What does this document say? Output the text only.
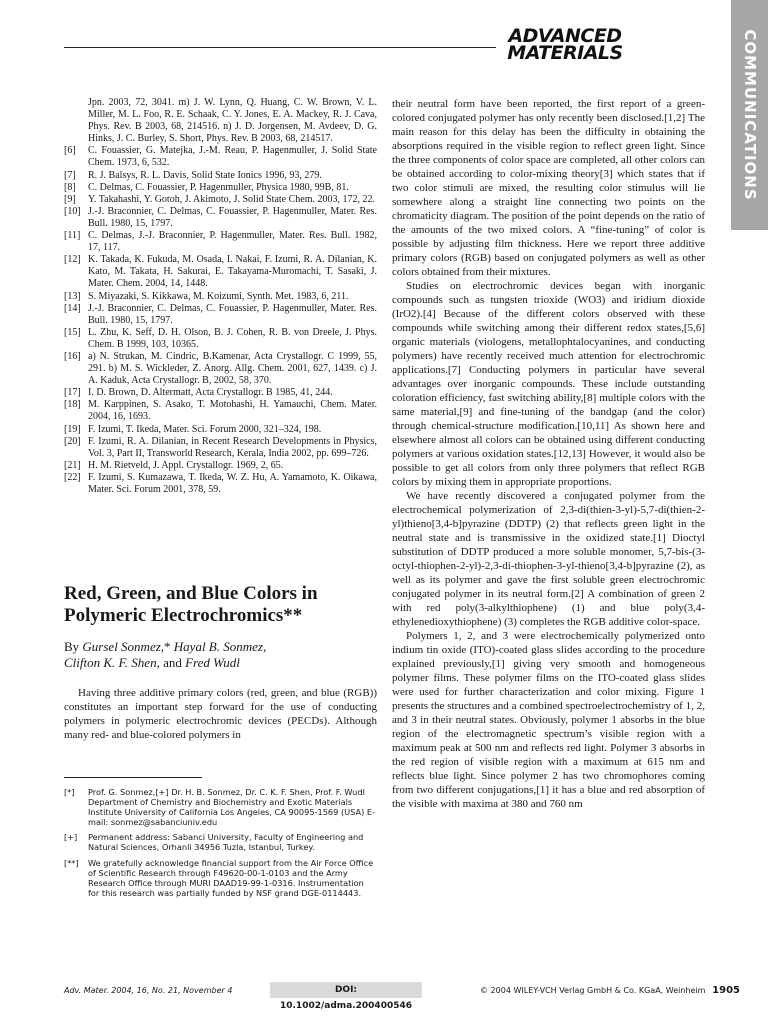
ADVANCED
MATERIALS	COMMUNICATIONS
Jpn. 2003, 72, 3041. m) J. W. Lynn, Q. Huang, C. W. Brown, V. L. Miller, M. L. Foo, R. E. Schaak, C. Y. Jones, E. A. Mackey, R. J. Cava, Phys. Rev. B 2003, 68, 214516. n) J. D. Jorgensen, M. Avdeev, D. G. Hinks, J. C. Burley, S. Short, Phys. Rev. B 2003, 68, 214517.
[6]	C. Fouassier, G. Matejka, J.-M. Reau, P. Hagenmuller, J. Solid State Chem. 1973, 6, 532.
[7]	R. J. Balsys, R. L. Davis, Solid State Ionics 1996, 93, 279.
[8]	C. Delmas, C. Fouassier, P. Hagenmuller, Physica 1980, 99B, 81.
[9]	Y. Takahashi, Y. Gotoh, J. Akimoto, J. Solid State Chem. 2003, 172, 22.
[10] J.-J. Braconnier, C. Delmas, C. Fouassier, P. Hagenmuller, Mater. Res. Bull. 1980, 15, 1797.
[11] C. Delmas, J.-J. Braconnier, P. Hagenmuller, Mater. Res. Bull. 1982, 17, 117.
[12] K. Takada, K. Fukuda, M. Osada, I. Nakai, F. Izumi, R. A. Dilanian, K. Kato, M. Takata, H. Sakurai, E. Takayama-Muromachi, T. Sasaki, J. Mater. Chem. 2004, 14, 1448.
[13] S. Miyazaki, S. Kikkawa, M. Koizumi, Synth. Met. 1983, 6, 211.
[14] J.-J. Braconnier, C. Delmas, C. Fouassier, P. Hagenmuller, Mater. Res. Bull. 1980, 15, 1797.
[15] L. Zhu, K. Seff, D. H. Olson, B. J. Cohen, R. B. von Dreele, J. Phys. Chem. B 1999, 103, 10365.
[16] a) N. Strukan, M. Cindric, B.Kamenar, Acta Crystallogr. C 1999, 55, 291. b) M. S. Wickleder, Z. Anorg. Allg. Chem. 2001, 627, 1439. c) J. A. Kaduk, Acta Crystallogr. B, 2002, 58, 370.
[17] I. D. Brown, D. Altermatt, Acta Crystallogr. B 1985, 41, 244.
[18] M. Karppinen, S. Asako, T. Motohashi, H. Yamauchi, Chem. Mater. 2004, 16, 1693.
[19] F. Izumi, T. Ikeda, Mater. Sci. Forum 2000, 321–324, 198.
[20] F. Izumi, R. A. Dilanian, in Recent Research Developments in Physics, Vol. 3, Part II, Transworld Research, Kerala, India 2002, pp. 699–726.
[21] H. M. Rietveld, J. Appl. Crystallogr. 1969, 2, 65.
[22] F. Izumi, S. Kumazawa, T. Ikeda, W. Z. Hu, A. Yamamoto, K. Oikawa, Mater. Sci. Forum 2001, 378, 59.
Red, Green, and Blue Colors in Polymeric Electrochromics**
By Gursel Sonmez,* Hayal B. Sonmez,
Clifton K. F. Shen, and Fred Wudl

Having three additive primary colors (red, green, and blue (RGB)) constitutes an important step forward for the use of conducting polymers in polymeric electrochromic devices (PECDs). Although many red- and blue-colored polymers in

[*]	Prof. G. Sonmez,[+] Dr. H. B. Sonmez, Dr. C. K. F. Shen, Prof. F. Wudl Department of Chemistry and Biochemistry and Exotic Materials Institute University of California Los Angeles, CA 90095-1569 (USA) E-mail: sonmez@sabanciuniv.edu
[+]	Permanent address: Sabanci University, Faculty of Engineering and Natural Sciences, Orhanli 34956 Tuzla, Istanbul, Turkey.
[**]	We gratefully acknowledge financial support from the Air Force Office of Scientific Research through F49620-00-1-0103 and the Army Research Office through MURI DAAD19-99-1-0316. Instrumentation for this research was partially funded by NSF grand DGE-0114443.

their neutral form have been reported, the first report of a green-colored conjugated polymer has only recently been disclosed.[1,2] The main reason for this delay has been the difficulty in obtaining the absorptions required in the visible region to reflect green light. Since the three components of color space are completed, all other colors can be obtained according to color-mixing theory[3] which states that if two color stimuli are mixed, the resulting color stimulus will lie somewhere along a straight line connecting two points on the chromaticity diagram. The position of the point depends on the ratio of the amounts of the two mixed colors. A “fine-tuning” of color is possible by adjusting film thickness. Here we report three additive primary colors (RGB) based on conjugated polymers as well as other colors obtained from their mixtures.

Studies on electrochromic devices began with inorganic compounds such as tungsten trioxide (WO3) and iridium dioxide (IrO2).[4] Because of the different colors observed with these compounds while switching among their different redox states,[5,6] organic materials (viologens, metallophtalocyanines, and conducting polymers) have recently received much attention for electrochromic applications.[7] Conducting polymers in particular have several advantages over inorganic compounds. These include outstanding coloration efficiency, fast switching ability,[8] multiple colors with the same material,[9] and fine-tuning of the bandgap (and the color) through chemical-structure modification.[10,11] As shown here and elsewhere almost all colors can be obtained using different conducting polymers at various oxidation states.[12,13] However, it would also be possible to get all colors from only three polymers that reflect RGB colors by mixing them in appropriate proportions.

We have recently discovered a conjugated polymer from the electrochemical polymerization of 2,3-di(thien-3-yl)-5,7-di(thien-2-yl)thieno[3,4-b]pyrazine (DDTP) (2) that reflects green light in the neutral state and is transmissive in the oxidized state.[1] Dioctyl substitution of DDTP produced a more soluble monomer, 5,7-bis-(3-octyl-thiophen-2-yl)-2,3-di-thiophen-3-yl-thieno[3,4-b]pyrazine (2), as well as its polymer and gave the first soluble green electrochromic conjugated polymer in its neutral form.[2] A combination of green 2 with red poly(3-alkylthiophene) (1) and blue poly(3,4-ethylenedioxythiophene) (3) completes the RGB additive color-space.

Polymers 1, 2, and 3 were electrochemically polymerized onto indium tin oxide (ITO)-coated glass slides according to the procedure explained previously,[1] giving very smooth and homogeneous polymer films. These polymer films on the ITO-coated glass slides were used for further characterization and color mixing. Figure 1 presents the structures and a combined spectroelectrochemistry of 1, 2, and 3 in their neutral states. Obviously, polymer 1 absorbs in the blue region of the electromagnetic spectrum’s visible region with a maximum peak at 500 nm and reflects red light. Polymer 3 absorbs in the red region of visible region with a maximum at 615 nm and reflects blue light. Since polymer 2 has two chromophores coming from two different conjugations,[1] it has a blue and red absorption of the visible with maxima at 380 and 760 nm

Adv. Mater. 2004, 16, No. 21, November 4	DOI: 10.1002/adma.200400546
© 2004 WILEY-VCH Verlag GmbH & Co. KGaA, Weinheim 1905
